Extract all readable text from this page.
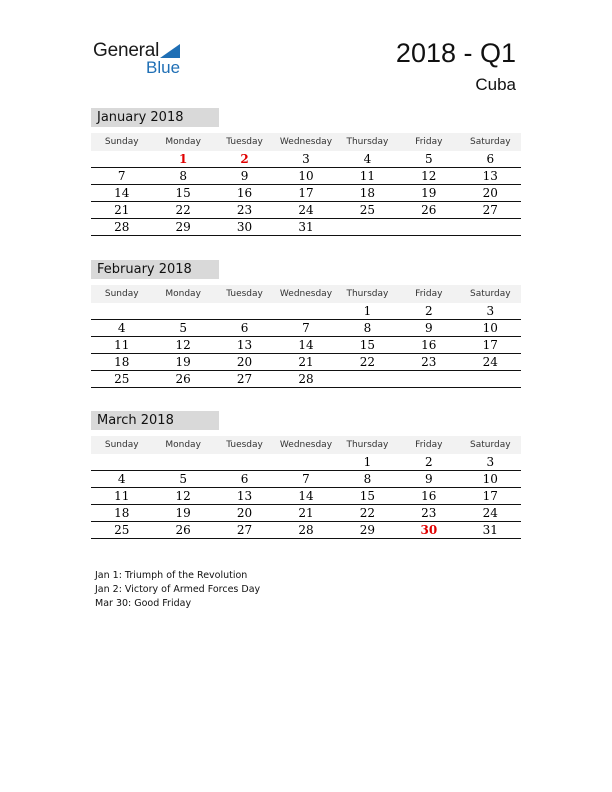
General
Blue	2018 - Q1
Cuba
January 2018
Sunday	Monday	Tuesday	Wednesday	Thursday	Friday	Saturday
	1	2	3	4	5	6
7	8	9	10	11	12	13
14	15	16	17	18	19	20
21	22	23	24	25	26	27
28	29	30	31			
February 2018
Sunday	Monday	Tuesday	Wednesday	Thursday	Friday	Saturday
				1	2	3
4	5	6	7	8	9	10
11	12	13	14	15	16	17
18	19	20	21	22	23	24
25	26	27	28			
March 2018
Sunday	Monday	Tuesday	Wednesday	Thursday	Friday	Saturday
				1	2	3
4	5	6	7	8	9	10
11	12	13	14	15	16	17
18	19	20	21	22	23	24
25	26	27	28	29	30	31
Jan 1: Triumph of the Revolution
Jan 2: Victory of Armed Forces Day
Mar 30: Good Friday
